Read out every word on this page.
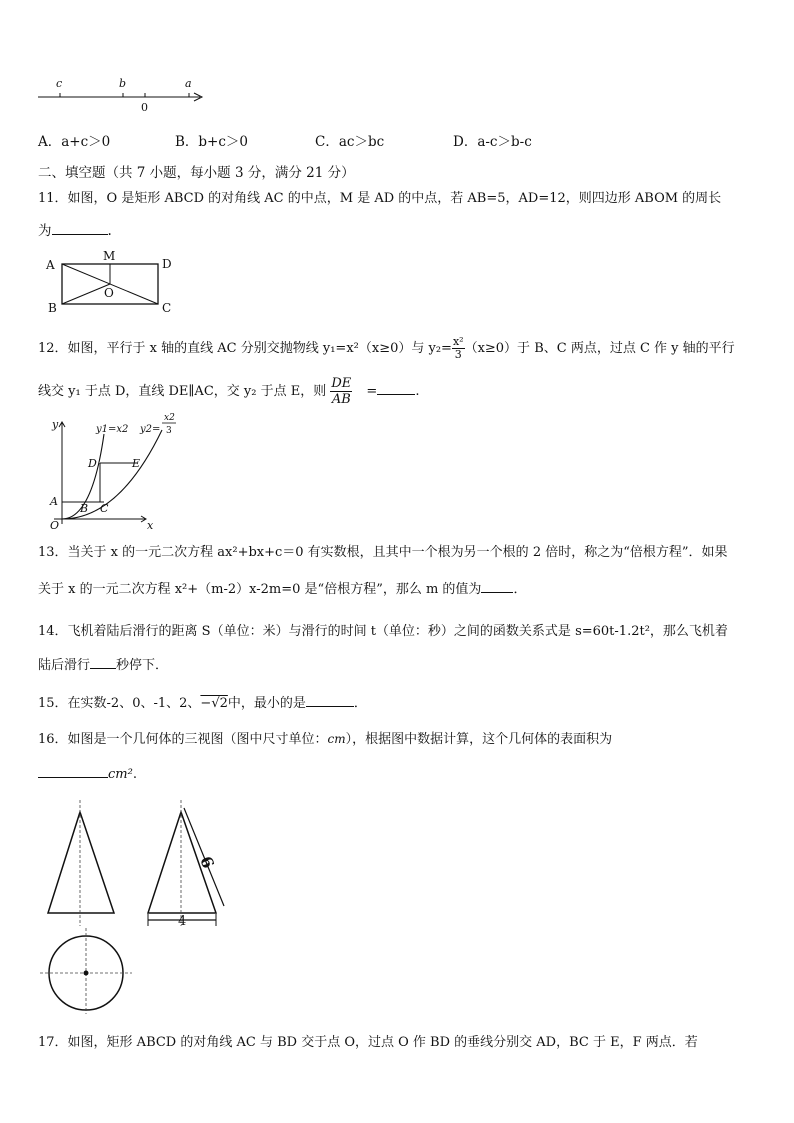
c	b	a
0
A．a+c＞0	B．b+c＞0	C．ac＞bc	D．a-c＞b-c
二、填空题（共 7 小题，每小题 3 分，满分 21 分）
11．如图，O 是矩形 ABCD 的对角线 AC 的中点，M 是 AD 的中点，若 AB=5，AD=12，则四边形 ABOM 的周长
为	.
A
M
D
O
B	C
12．如图，平行于 x 轴的直线 AC 分别交抛物线 y₁=x²（x≥0）与 $y_2= \frac{\text{x²}}{3} (x\ge 0)$于 B、C 两点，过点 C 作 y 轴的平行
线交 y₁ 于点 D，直线 DE∥AC，交 y₂ 于点 E，则 $\frac{DE}{AB}$ =	.
y
x
O
A
B C
D	E
y1=x2 y2=
x2
3
13．当关于 x 的一元二次方程 ax²+bx+c＝0 有实数根，且其中一个根为另一个根的 2 倍时，称之为“倍根方程”．如果
关于 x 的一元二次方程 x²+（m-2）x-2m=0 是“倍根方程”，那么 m 的值为 ．
14．飞机着陆后滑行的距离 S（单位：米）与滑行的时间 t（单位：秒）之间的函数关系式是 s=60t-1.2t²，那么飞机着
陆后滑行 秒停下．
15．在实数-2、0、-1、2、−√2中，最小的是	．
16．如图是一个几何体的三视图（图中尺寸单位：cm），根据图中数据计算，这个几何体的表面积为
cm².
6
4
17．如图，矩形 ABCD 的对角线 AC 与 BD 交于点 O，过点 O 作 BD 的垂线分别交 AD，BC 于 E，F 两点．若
